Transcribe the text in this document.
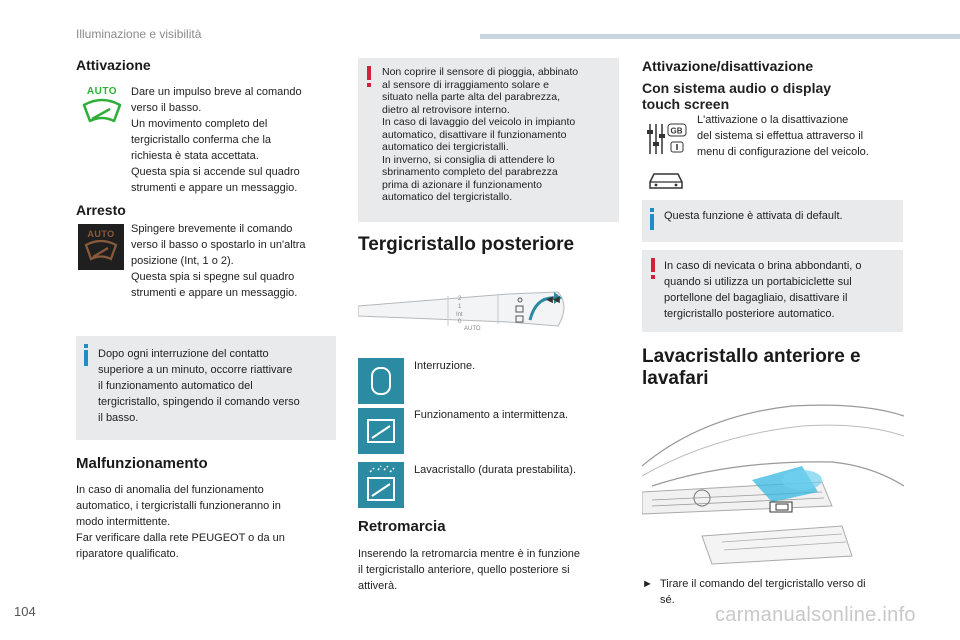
Illuminazione e visibilità
Attivazione
AUTO	Dare un impulso breve al comando

verso il basso.

Un movimento completo del

tergicristallo conferma che la

richiesta è stata accettata.

Questa spia si accende sul quadro

strumenti e appare un messaggio.

Arresto
AUTO	Spingere brevemente il comando

verso il basso o spostarlo in un'altra

posizione (Int, 1 o 2).

Questa spia si spegne sul quadro

strumenti e appare un messaggio.

Dopo ogni interruzione del contatto

superiore a un minuto, occorre riattivare

il funzionamento automatico del

tergicristallo, spingendo il comando verso

il basso.

Malfunzionamento

In caso di anomalia del funzionamento

automatico, i tergicristalli funzioneranno in

modo intermittente.

Far verificare dalla rete PEUGEOT o da un

riparatore qualificato.

Non coprire il sensore di pioggia, abbinato

al sensore di irraggiamento solare e

situato nella parte alta del parabrezza,

dietro al retrovisore interno.

In caso di lavaggio del veicolo in impianto

automatico, disattivare il funzionamento

automatico dei tergicristalli.

In inverno, si consiglia di attendere lo

sbrinamento completo del parabrezza

prima di azionare il funzionamento

automatico del tergicristallo.

Tergicristallo posteriore
2
1
Int
0
AUTO
◀◀
Interruzione.
Funzionamento a intermittenza.
Lavacristallo (durata prestabilita).
Retromarcia

Inserendo la retromarcia mentre è in funzione

il tergicristallo anteriore, quello posteriore si

attiverà.

Attivazione/disattivazione
Con sistema audio o display
touch screen
GB

L'attivazione o la disattivazione

del sistema si effettua attraverso il

menu di configurazione del veicolo.

Questa funzione è attivata di default.

In caso di nevicata o brina abbondanti, o

quando si utilizza un portabiciclette sul

portellone del bagagliaio, disattivare il

tergicristallo posteriore automatico.

Lavacristallo anteriore e
lavafari
► Tirare il comando del tergicristallo verso di

sé.

104	carmanualsonline.info
